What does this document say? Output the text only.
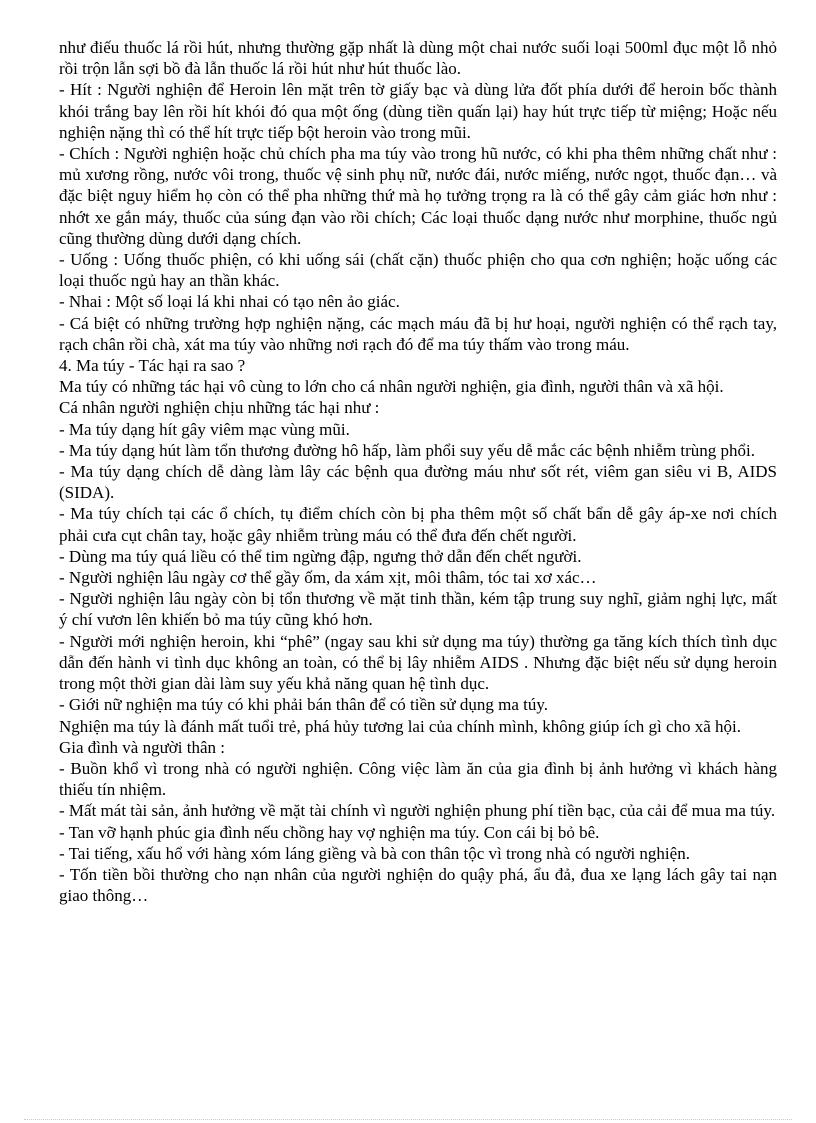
như điếu thuốc lá rồi hút, nhưng thường gặp nhất là dùng một chai nước suối loại 500ml đục một lỗ nhỏ rồi trộn lẫn sợi bồ đà lẫn thuốc lá rồi hút như hút thuốc lào.

- Hít : Người nghiện để Heroin lên mặt trên tờ giấy bạc và dùng lửa đốt phía dưới để heroin bốc thành khói trắng bay lên rồi hít khói đó qua một ống (dùng tiền quấn lại) hay hút trực tiếp từ miệng; Hoặc nếu nghiện nặng thì có thể hít trực tiếp bột heroin vào trong mũi.

- Chích : Người nghiện hoặc chủ chích pha ma túy vào trong hũ nước, có khi pha thêm những chất như : mủ xương rồng, nước vôi trong, thuốc vệ sinh phụ nữ, nước đái, nước miếng, nước ngọt, thuốc đạn… và đặc biệt nguy hiểm họ còn có thể pha những thứ mà họ tưởng trọng ra là có thể gây cảm giác hơn như : nhớt xe gắn máy, thuốc của súng đạn vào rồi chích; Các loại thuốc dạng nước như morphine, thuốc ngủ cũng thường dùng dưới dạng chích.

- Uống : Uống thuốc phiện, có khi uống sái (chất cặn) thuốc phiện cho qua cơn nghiện; hoặc uống các loại thuốc ngủ hay an thần khác.

- Nhai : Một số loại lá khi nhai có tạo nên ảo giác.

- Cá biệt có những trường hợp nghiện nặng, các mạch máu đã bị hư hoại, người nghiện có thể rạch tay, rạch chân rồi chà, xát ma túy vào những nơi rạch đó để ma túy thấm vào trong máu.

4. Ma túy - Tác hại ra sao ?

Ma túy có những tác hại vô cùng to lớn cho cá nhân người nghiện, gia đình, người thân và xã hội.

Cá nhân người nghiện chịu những tác hại như :

- Ma túy dạng hít gây viêm mạc vùng mũi.

- Ma túy dạng hút làm tổn thương đường hô hấp, làm phổi suy yếu dễ mắc các bệnh nhiễm trùng phổi.

- Ma túy dạng chích dễ dàng làm lây các bệnh qua đường máu như sốt rét, viêm gan siêu vi B, AIDS (SIDA).

- Ma túy chích tại các ổ chích, tụ điểm chích còn bị pha thêm một số chất bẩn dễ gây áp-xe nơi chích phải cưa cụt chân tay, hoặc gây nhiễm trùng máu có thể đưa đến chết người.

- Dùng ma túy quá liều có thể tim ngừng đập, ngưng thở dẫn đến chết người.

- Người nghiện lâu ngày cơ thể gầy ốm, da xám xịt, môi thâm, tóc tai xơ xác…

- Người nghiện lâu ngày còn bị tổn thương về mặt tinh thần, kém tập trung suy nghĩ, giảm nghị lực, mất ý chí vươn lên khiến bỏ ma túy cũng khó hơn.

- Người mới nghiện heroin, khi “phê” (ngay sau khi sử dụng ma túy) thường ga tăng kích thích tình dục dẫn đến hành vi tình dục không an toàn, có thể bị lây nhiễm AIDS . Nhưng đặc biệt nếu sử dụng heroin trong một thời gian dài làm suy yếu khả năng quan hệ tình dục.

- Giới nữ nghiện ma túy có khi phải bán thân để có tiền sử dụng ma túy.

Nghiện ma túy là đánh mất tuổi trẻ, phá hủy tương lai của chính mình, không giúp ích gì cho xã hội.

Gia đình và người thân :

- Buồn khổ vì trong nhà có người nghiện. Công việc làm ăn của gia đình bị ảnh hưởng vì khách hàng thiếu tín nhiệm.

- Mất mát tài sản, ảnh hưởng về mặt tài chính vì người nghiện phung phí tiền bạc, của cải để mua ma túy.

- Tan vỡ hạnh phúc gia đình nếu chồng hay vợ nghiện ma túy. Con cái bị bỏ bê.

- Tai tiếng, xấu hổ với hàng xóm láng giềng và bà con thân tộc vì trong nhà có người nghiện.

- Tốn tiền bồi thường cho nạn nhân của người nghiện do quậy phá, ẩu đả, đua xe lạng lách gây tai nạn giao thông…
